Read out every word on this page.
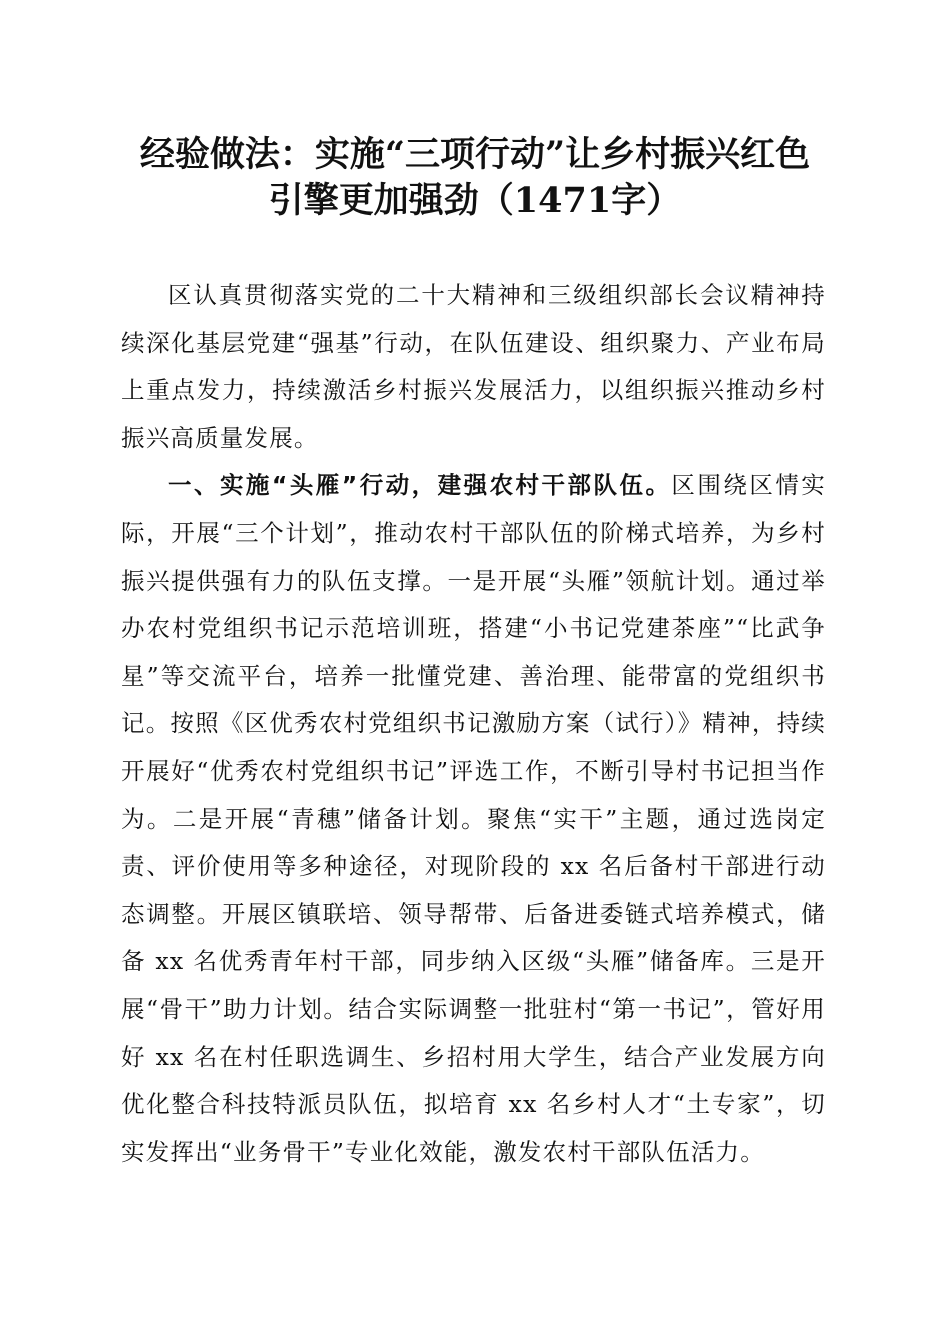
经验做法：实施“三项行动”让乡村振兴红色
引擎更加强劲（1471字）

区认真贯彻落实党的二十大精神和三级组织部长会议精神持续深化基层党建“强基”行动，在队伍建设、组织聚力、产业布局上重点发力，持续激活乡村振兴发展活力，以组织振兴推动乡村振兴高质量发展。

一、实施“头雁”行动，建强农村干部队伍。区围绕区情实际，开展“三个计划”，推动农村干部队伍的阶梯式培养，为乡村振兴提供强有力的队伍支撑。一是开展“头雁”领航计划。通过举办农村党组织书记示范培训班，搭建“小书记党建茶座”“比武争星”等交流平台，培养一批懂党建、善治理、能带富的党组织书记。按照《区优秀农村党组织书记激励方案（试行）》精神，持续开展好“优秀农村党组织书记”评选工作，不断引导村书记担当作为。二是开展“青穗”储备计划。聚焦“实干”主题，通过选岗定责、评价使用等多种途径，对现阶段的 xx 名后备村干部进行动态调整。开展区镇联培、领导帮带、后备进委链式培养模式，储备 xx 名优秀青年村干部，同步纳入区级“头雁”储备库。三是开展“骨干”助力计划。结合实际调整一批驻村“第一书记”，管好用好 xx 名在村任职选调生、乡招村用大学生，结合产业发展方向优化整合科技特派员队伍，拟培育 xx 名乡村人才“土专家”，切实发挥出“业务骨干”专业化效能，激发农村干部队伍活力。
